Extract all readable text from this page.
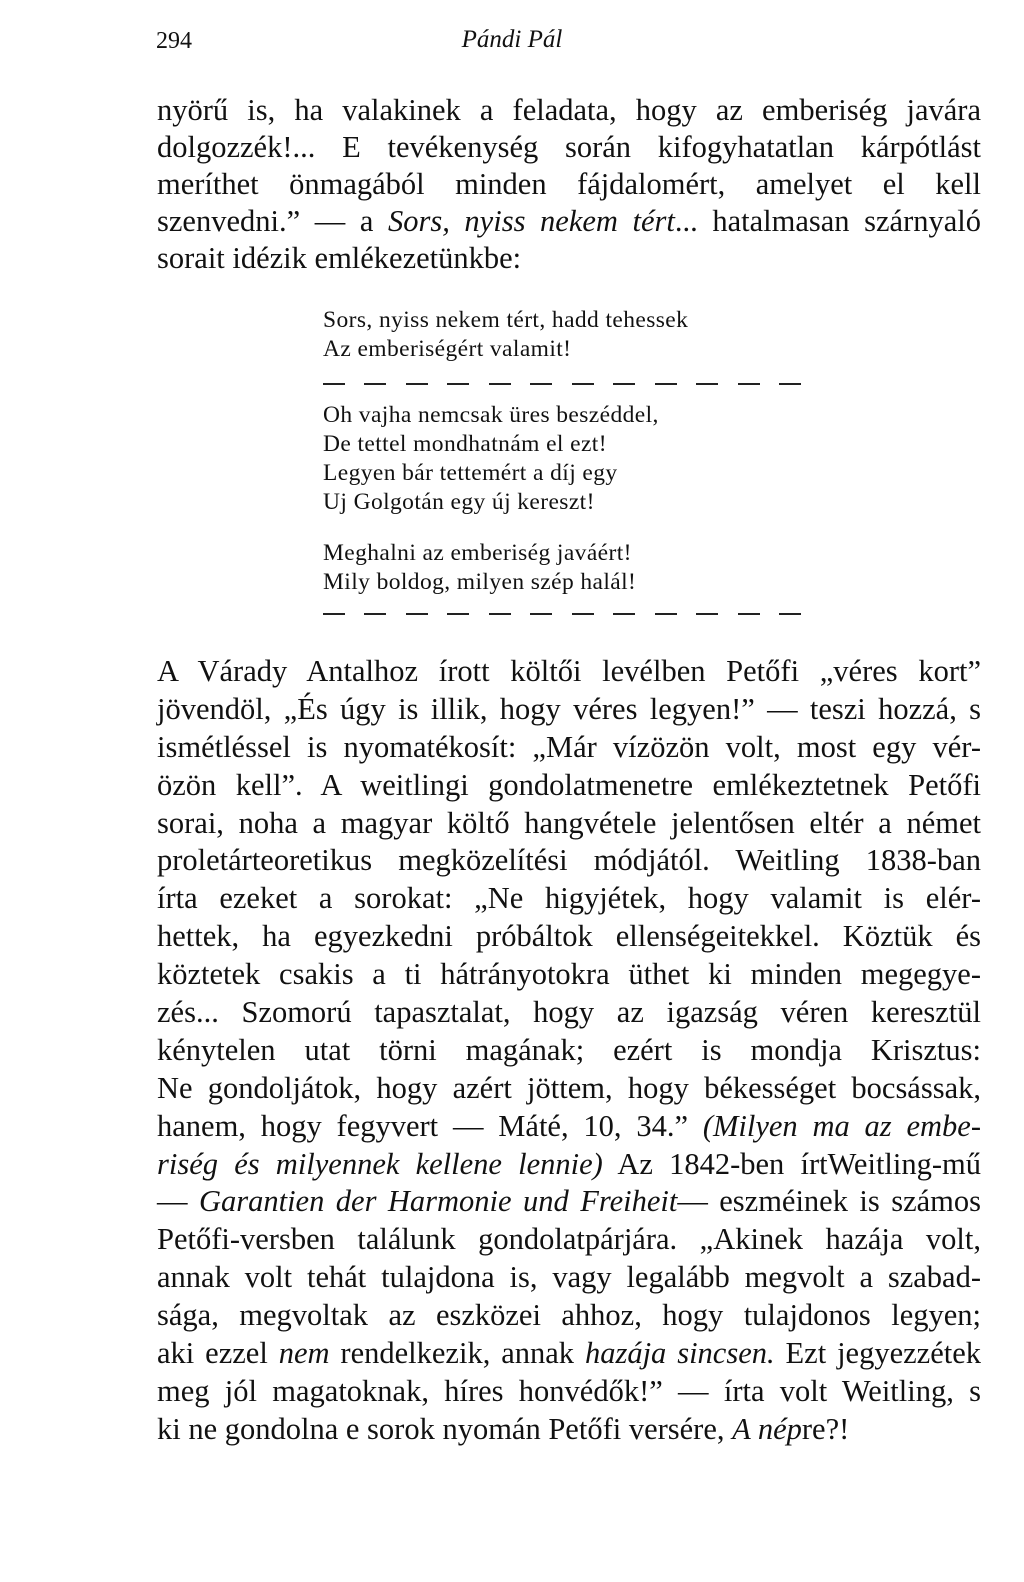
294	Pándi Pál
nyörű is, ha valakinek a feladata, hogy az emberiség javára
dolgozzék!... E tevékenység során kifogyhatatlan kárpótlást
meríthet önmagából minden fájdalomért, amelyet el kell
szenvedni.” — a Sors, nyiss nekem tért... hatalmasan szárnyaló
sorait idézik emlékezetünkbe:
Sors, nyiss nekem tért, hadd tehessek
Az emberiségért valamit!
Oh vajha nemcsak üres beszéddel,
De tettel mondhatnám el ezt!
Legyen bár tettemért a díj egy
Uj Golgotán egy új kereszt!
Meghalni az emberiség javáért!
Mily boldog, milyen szép halál!
A Várady Antalhoz írott költői levélben Petőfi „véres kort”
jövendöl, „És úgy is illik, hogy véres legyen!” — teszi hozzá, s
ismétléssel is nyomatékosít: „Már vízözön volt, most egy vér-
özön kell”. A weitlingi gondolatmenetre emlékeztetnek Petőfi
sorai, noha a magyar költő hangvétele jelentősen eltér a német
proletárteoretikus megközelítési módjától. Weitling 1838-ban
írta ezeket a sorokat: „Ne higyjétek, hogy valamit is elér-
hettek, ha egyezkedni próbáltok ellenségeitekkel. Köztük és
köztetek csakis a ti hátrányotokra üthet ki minden megegye-
zés... Szomorú tapasztalat, hogy az igazság véren keresztül
kénytelen utat törni magának; ezért is mondja Krisztus:
Ne gondoljátok, hogy azért jöttem, hogy békességet bocsássak,
hanem, hogy fegyvert — Máté, 10, 34.” (Milyen ma az embe-
riség és milyennek kellene lennie) Az 1842-ben írtWeitling-mű
— Garantien der Harmonie und Freiheit— eszméinek is számos
Petőfi-versben találunk gondolatpárjára. „Akinek hazája volt,
annak volt tehát tulajdona is, vagy legalább megvolt a szabad-
sága, megvoltak az eszközei ahhoz, hogy tulajdonos legyen;
aki ezzel nem rendelkezik, annak hazája sincsen. Ezt jegyezzétek
meg jól magatoknak, híres honvédők!” — írta volt Weitling, s
ki ne gondolna e sorok nyomán Petőfi versére, A népre?!
